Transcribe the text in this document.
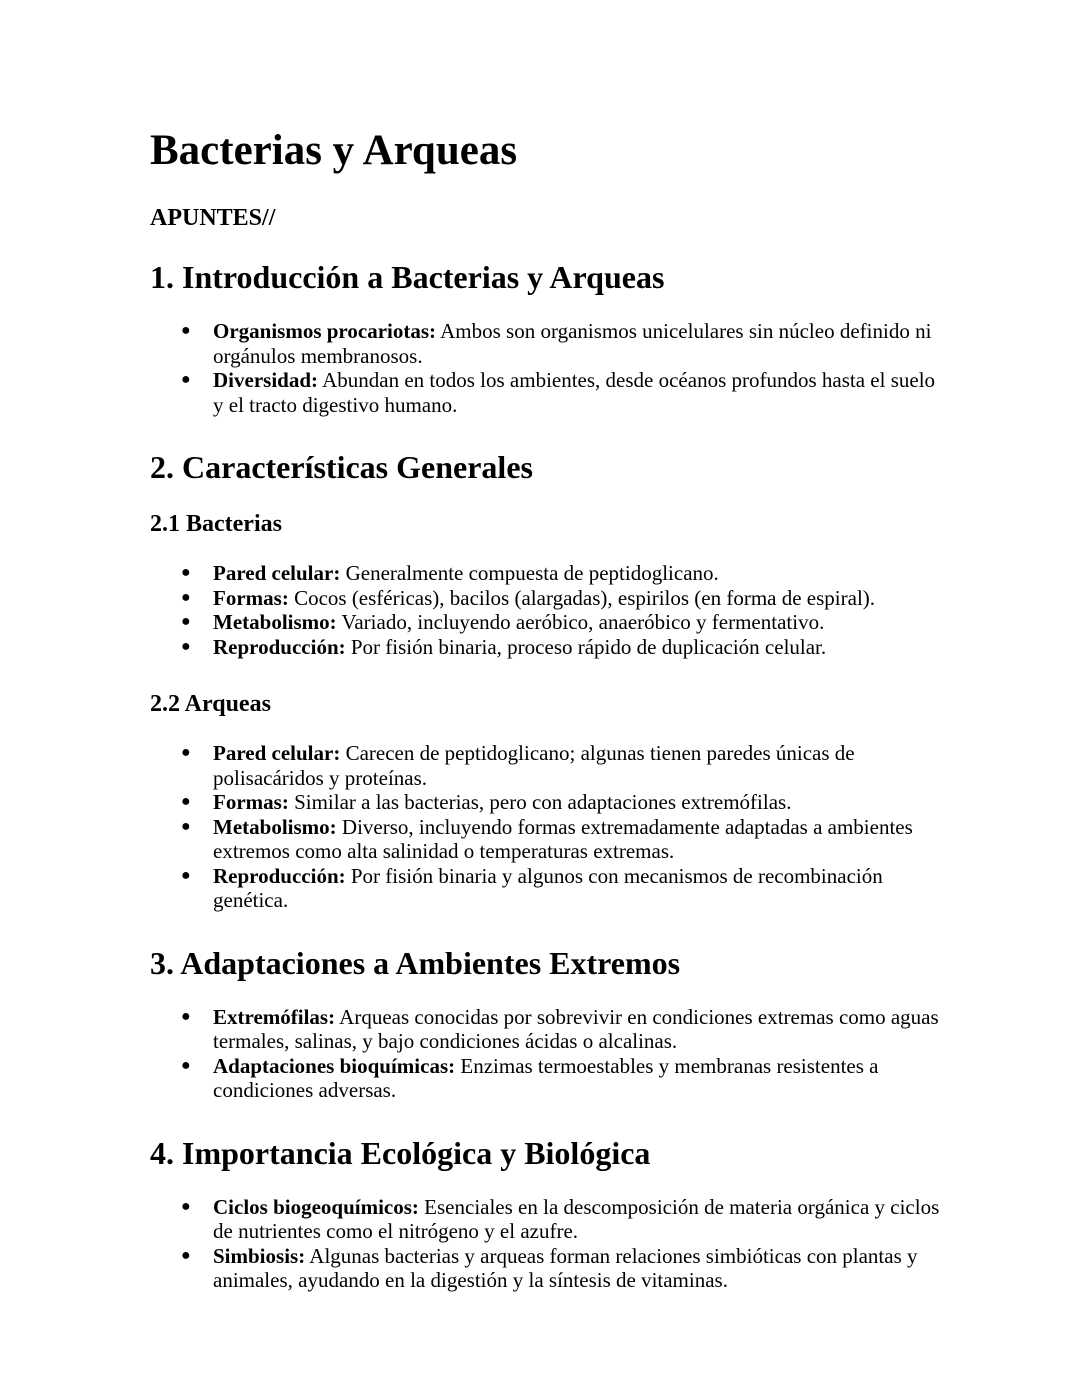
Bacterias y Arqueas
APUNTES//
1. Introducción a Bacterias y Arqueas
● Organismos procariotas: Ambos son organismos unicelulares sin núcleo definido ni orgánulos membranosos.
● Diversidad: Abundan en todos los ambientes, desde océanos profundos hasta el suelo y el tracto digestivo humano.
2. Características Generales
2.1 Bacterias
● Pared celular: Generalmente compuesta de peptidoglicano.
● Formas: Cocos (esféricas), bacilos (alargadas), espirilos (en forma de espiral).
● Metabolismo: Variado, incluyendo aeróbico, anaeróbico y fermentativo.
● Reproducción: Por fisión binaria, proceso rápido de duplicación celular.
2.2 Arqueas
● Pared celular: Carecen de peptidoglicano; algunas tienen paredes únicas de polisacáridos y proteínas.
● Formas: Similar a las bacterias, pero con adaptaciones extremófilas.
● Metabolismo: Diverso, incluyendo formas extremadamente adaptadas a ambientes extremos como alta salinidad o temperaturas extremas.
● Reproducción: Por fisión binaria y algunos con mecanismos de recombinación genética.
3. Adaptaciones a Ambientes Extremos
● Extremófilas: Arqueas conocidas por sobrevivir en condiciones extremas como aguas termales, salinas, y bajo condiciones ácidas o alcalinas.
● Adaptaciones bioquímicas: Enzimas termoestables y membranas resistentes a condiciones adversas.
4. Importancia Ecológica y Biológica
● Ciclos biogeoquímicos: Esenciales en la descomposición de materia orgánica y ciclos de nutrientes como el nitrógeno y el azufre.
● Simbiosis: Algunas bacterias y arqueas forman relaciones simbióticas con plantas y animales, ayudando en la digestión y la síntesis de vitaminas.
